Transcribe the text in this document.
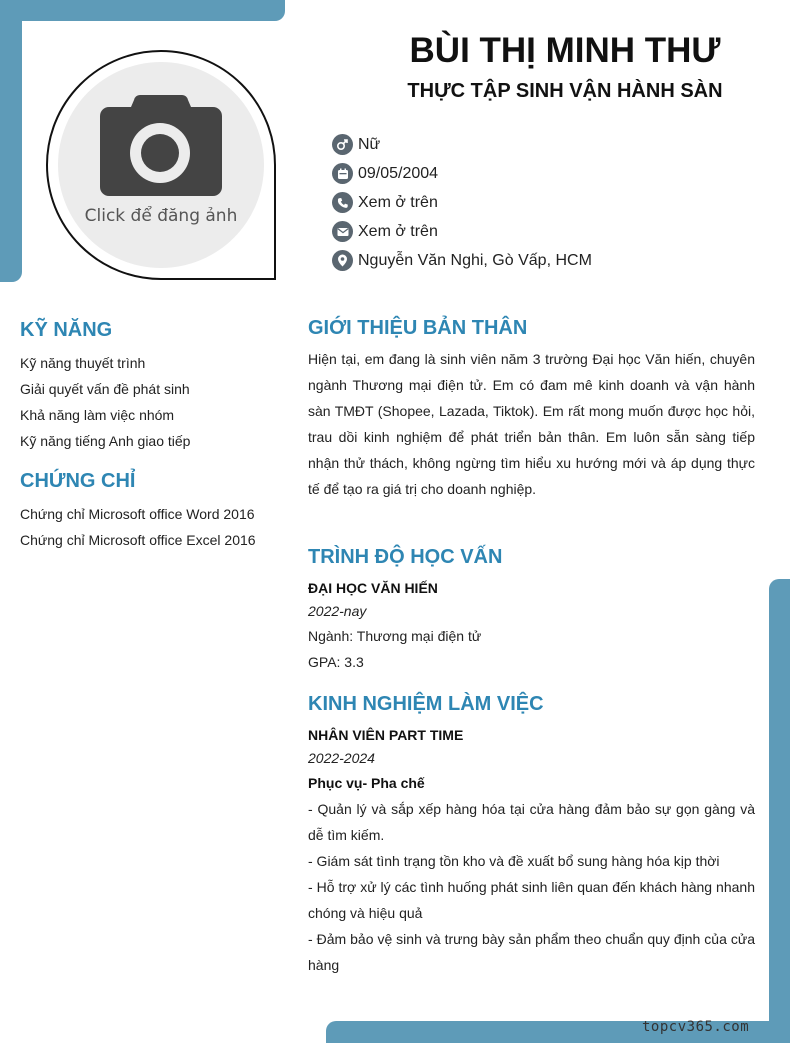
Click để đăng ảnh
BÙI THỊ MINH THƯ
THỰC TẬP SINH VẬN HÀNH SÀN
Nữ
09/05/2004
Xem ở trên
Xem ở trên
Nguyễn Văn Nghi, Gò Vấp, HCM
KỸ NĂNG
Kỹ năng thuyết trình
Giải quyết vấn đề phát sinh
Khả năng làm việc nhóm
Kỹ năng tiếng Anh giao tiếp
CHỨNG CHỈ
Chứng chỉ Microsoft office Word 2016
Chứng chỉ Microsoft office Excel 2016
GIỚI THIỆU BẢN THÂN

Hiện tại, em đang là sinh viên năm 3 trường Đại học Văn hiến, chuyên ngành Thương mại điện tử. Em có đam mê kinh doanh và vận hành sàn TMĐT (Shopee, Lazada, Tiktok). Em rất mong muốn được học hỏi, trau dồi kinh nghiệm để phát triển bản thân. Em luôn sẵn sàng tiếp nhận thử thách, không ngừng tìm hiểu xu hướng mới và áp dụng thực tế để tạo ra giá trị cho doanh nghiệp.

TRÌNH ĐỘ HỌC VẤN

ĐẠI HỌC VĂN HIẾN

2022-nay

Ngành: Thương mại điện tử

GPA: 3.3

KINH NGHIỆM LÀM VIỆC

NHÂN VIÊN PART TIME

2022-2024

Phục vụ- Pha chế

- Quản lý và sắp xếp hàng hóa tại cửa hàng đảm bảo sự gọn gàng và dễ tìm kiếm.

- Giám sát tình trạng tồn kho và đề xuất bổ sung hàng hóa kịp thời

- Hỗ trợ xử lý các tình huống phát sinh liên quan đến khách hàng nhanh chóng và hiệu quả

- Đảm bảo vệ sinh và trưng bày sản phẩm theo chuẩn quy định của cửa hàng

topcv365.com
